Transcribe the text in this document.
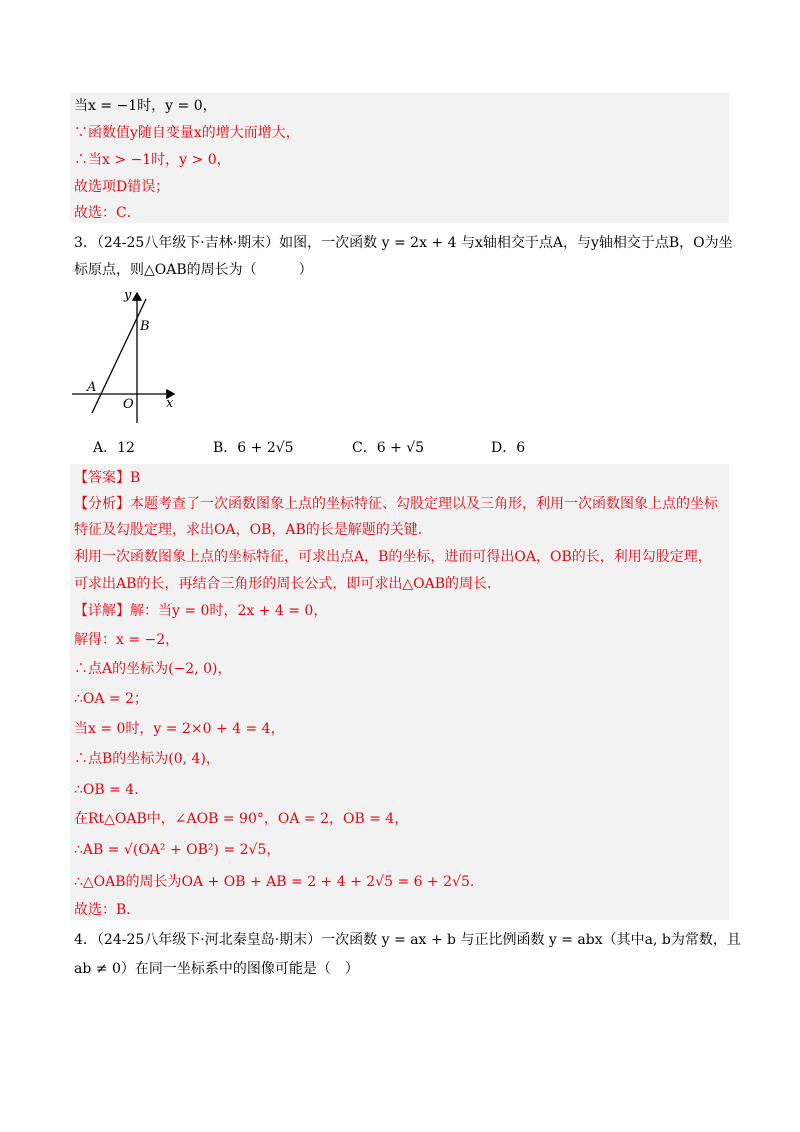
当x = −1时，y = 0，
∵函数值y随自变量x的增大而增大，
∴当x > −1时，y > 0，
故选项D错误；
故选：C．
3．（24-25八年级下·吉林·期末）如图，一次函数 y = 2x + 4 与x轴相交于点A，与y轴相交于点B，O为坐
标原点，则△OAB的周长为（　　　）
y
x
B
A
O
A．12	B．6 + 2√5	C．6 + √5	D．6
【答案】B
【分析】本题考查了一次函数图象上点的坐标特征、勾股定理以及三角形，利用一次函数图象上点的坐标
特征及勾股定理，求出OA，OB，AB的长是解题的关键．
利用一次函数图象上点的坐标特征，可求出点A，B的坐标，进而可得出OA，OB的长，利用勾股定理，
可求出AB的长，再结合三角形的周长公式，即可求出△OAB的周长．
【详解】解：当y = 0时，2x + 4 = 0，
解得：x = −2，
∴点A的坐标为(−2, 0)，
∴OA = 2；
当x = 0时，y = 2×0 + 4 = 4，
∴点B的坐标为(0, 4)，
∴OB = 4．
在Rt△OAB中，∠AOB = 90°，OA = 2，OB = 4，
∴AB = √(OA² + OB²) = 2√5，
∴△OAB的周长为OA + OB + AB = 2 + 4 + 2√5 = 6 + 2√5．
故选：B．
4．（24-25八年级下·河北秦皇岛·期末）一次函数 y = ax + b 与正比例函数 y = abx（其中a, b为常数，且
ab ≠ 0）在同一坐标系中的图像可能是（　）
